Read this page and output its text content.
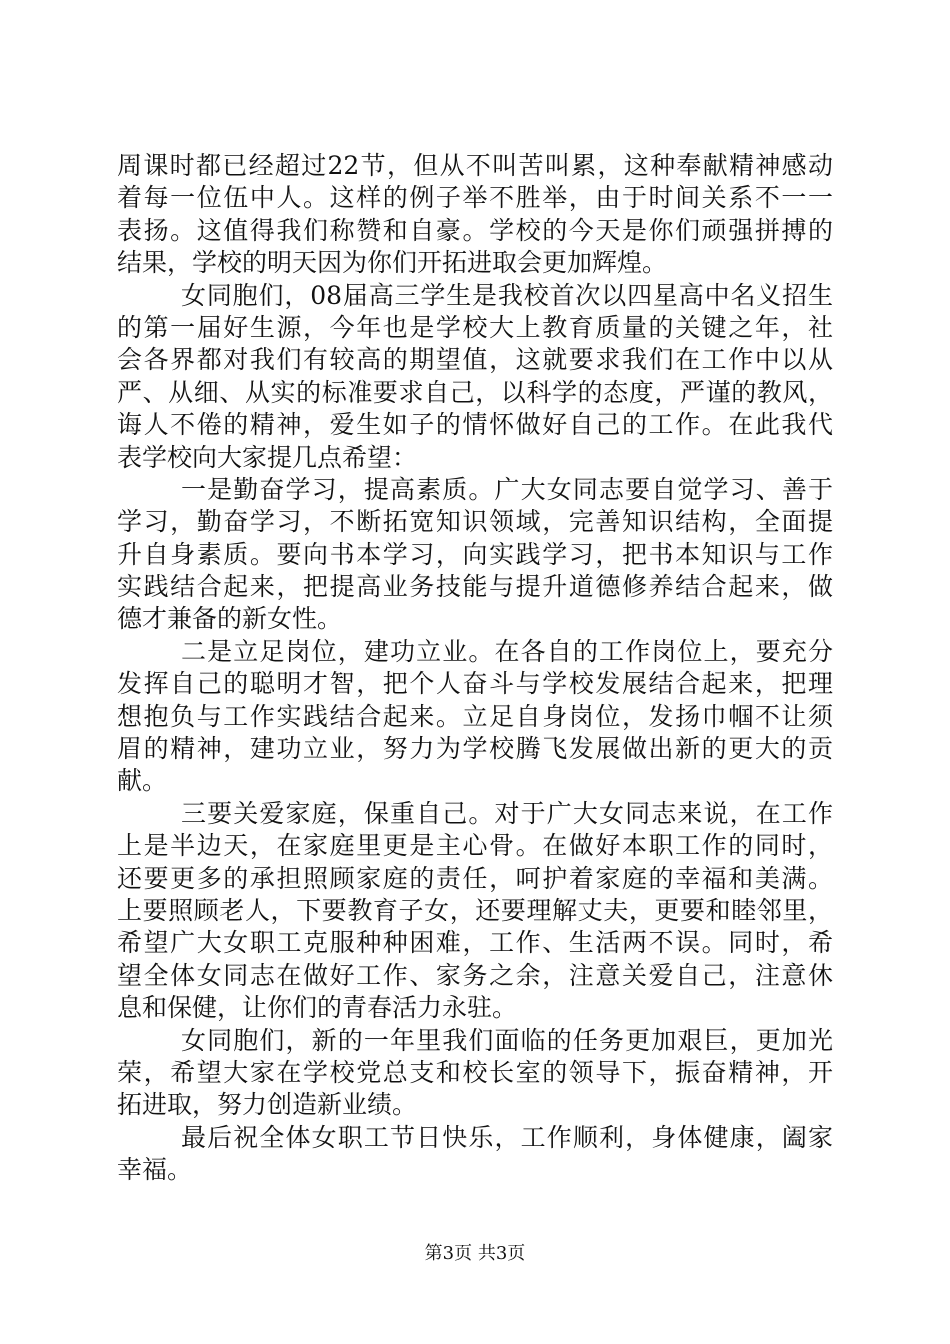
周课时都已经超过22节，但从不叫苦叫累，这种奉献精神感动
着每一位伍中人。这样的例子举不胜举，由于时间关系不一一
表扬。这值得我们称赞和自豪。学校的今天是你们顽强拼搏的
结果，学校的明天因为你们开拓进取会更加辉煌。
女同胞们，08届高三学生是我校首次以四星高中名义招生
的第一届好生源，今年也是学校大上教育质量的关键之年，社
会各界都对我们有较高的期望值，这就要求我们在工作中以从
严、从细、从实的标准要求自己，以科学的态度，严谨的教风，
诲人不倦的精神，爱生如子的情怀做好自己的工作。在此我代
表学校向大家提几点希望：
一是勤奋学习，提高素质。广大女同志要自觉学习、善于
学习，勤奋学习，不断拓宽知识领域，完善知识结构，全面提
升自身素质。要向书本学习，向实践学习，把书本知识与工作
实践结合起来，把提高业务技能与提升道德修养结合起来，做
德才兼备的新女性。
二是立足岗位，建功立业。在各自的工作岗位上，要充分
发挥自己的聪明才智，把个人奋斗与学校发展结合起来，把理
想抱负与工作实践结合起来。立足自身岗位，发扬巾帼不让须
眉的精神，建功立业，努力为学校腾飞发展做出新的更大的贡
献。
三要关爱家庭，保重自己。对于广大女同志来说，在工作
上是半边天，在家庭里更是主心骨。在做好本职工作的同时，
还要更多的承担照顾家庭的责任，呵护着家庭的幸福和美满。
上要照顾老人，下要教育子女，还要理解丈夫，更要和睦邻里，
希望广大女职工克服种种困难，工作、生活两不误。同时，希
望全体女同志在做好工作、家务之余，注意关爱自己，注意休
息和保健，让你们的青春活力永驻。
女同胞们，新的一年里我们面临的任务更加艰巨，更加光
荣，希望大家在学校党总支和校长室的领导下，振奋精神，开
拓进取，努力创造新业绩。
最后祝全体女职工节日快乐，工作顺利，身体健康，阖家
幸福。
第3页 共3页
